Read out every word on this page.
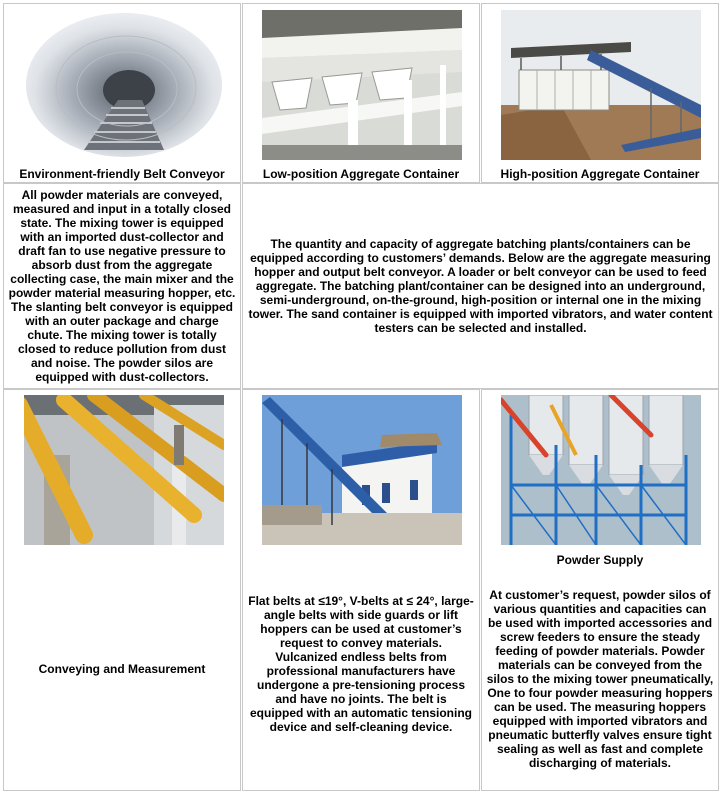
Environment-friendly Belt Conveyor	Low-position Aggregate Container	High-position Aggregate Container
All powder materials are conveyed, measured and input in a totally closed state. The mixing tower is equipped with an imported dust-collector and draft fan to use negative pressure to absorb dust from the aggregate collecting case, the main mixer and the powder material measuring hopper, etc. The slanting belt conveyor is equipped with an outer package and charge chute. The mixing tower is totally closed to reduce pollution from dust and noise. The powder silos are equipped with dust-collectors.
The quantity and capacity of aggregate batching plants/containers can be equipped according to customers’ demands. Below are the aggregate measuring hopper and output belt conveyor. A loader or belt conveyor can be used to feed aggregate. The batching plant/container can be designed into an underground, semi-underground, on-the-ground, high-position or internal one in the mixing tower. The sand container is equipped with imported vibrators, and water content testers can be selected and installed.
Conveying and Measurement
Flat belts at ≤19°, V-belts at ≤ 24°, large-angle belts with side guards or lift hoppers can be used at customer’s request to convey materials. Vulcanized endless belts from professional manufacturers have undergone a pre-tensioning process and have no joints. The belt is equipped with an automatic tensioning device and self-cleaning device.
Powder Supply
At customer’s request, powder silos of various quantities and capacities can be used with imported accessories and screw feeders to ensure the steady feeding of powder materials. Powder materials can be conveyed from the silos to the mixing tower pneumatically, One to four powder measuring hoppers can be used. The measuring hoppers equipped with imported vibrators and pneumatic butterfly valves ensure tight sealing as well as fast and complete discharging of materials.
